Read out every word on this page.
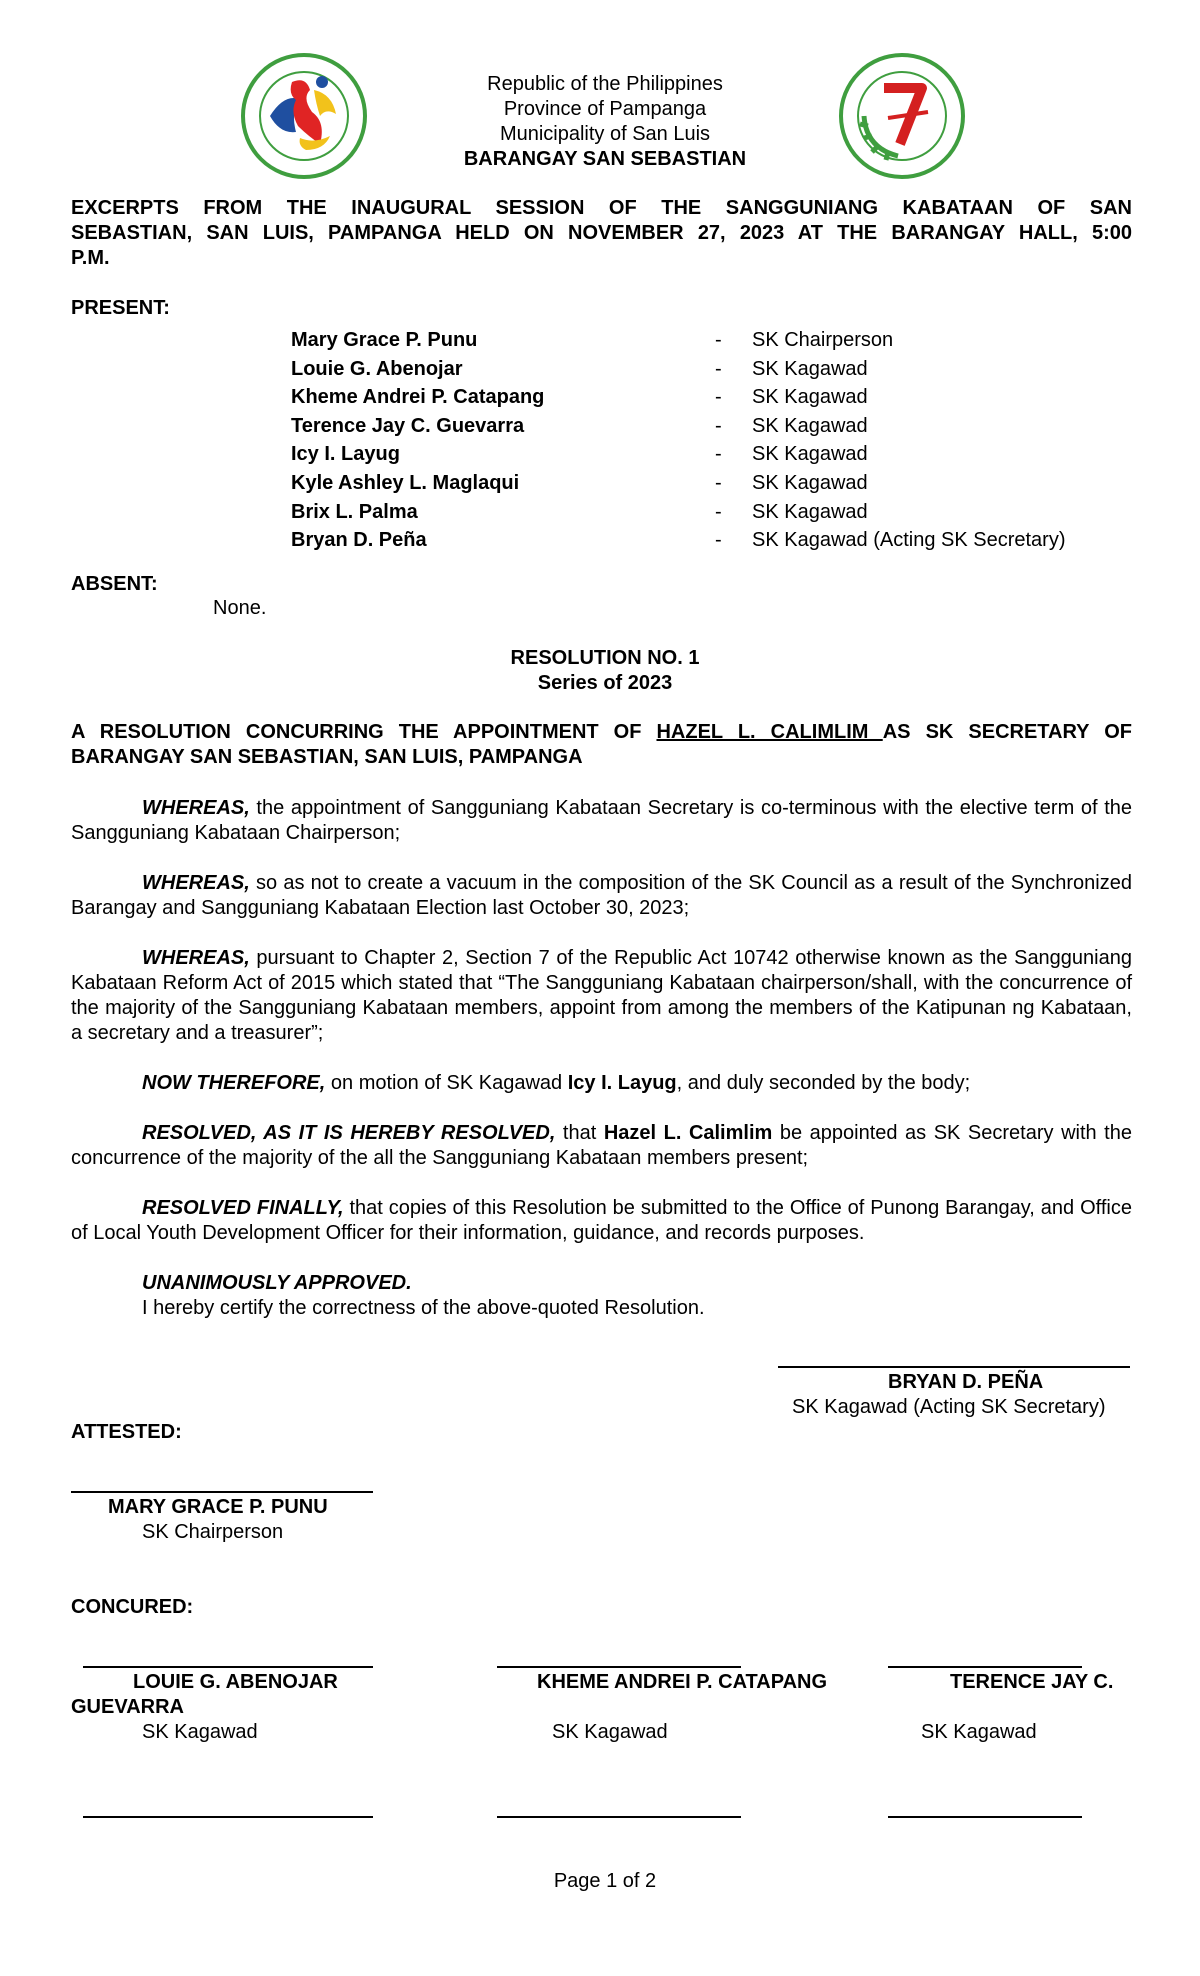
Republic of the Philippines
Province of Pampanga
Municipality of San Luis
BARANGAY SAN SEBASTIAN
EXCERPTS FROM THE INAUGURAL SESSION OF THE SANGGUNIANG KABATAAN OF SAN
SEBASTIAN, SAN LUIS, PAMPANGA HELD ON NOVEMBER 27, 2023 AT THE BARANGAY HALL, 5:00
P.M.
PRESENT:
Mary Grace P. Punu	- SK Chairperson
Louie G. Abenojar	- SK Kagawad
Kheme Andrei P. Catapang	- SK Kagawad
Terence Jay C. Guevarra	- SK Kagawad
Icy I. Layug	- SK Kagawad
Kyle Ashley L. Maglaqui	- SK Kagawad
Brix L. Palma	- SK Kagawad
Bryan D. Peña	- SK Kagawad (Acting SK Secretary)
ABSENT:
None.
RESOLUTION NO. 1
Series of 2023
A RESOLUTION CONCURRING THE APPOINTMENT OF HAZEL L. CALIMLIM AS SK SECRETARY OF
BARANGAY SAN SEBASTIAN, SAN LUIS, PAMPANGA
WHEREAS, the appointment of Sangguniang Kabataan Secretary is co-terminous with the elective term of the Sangguniang Kabataan Chairperson;
WHEREAS, so as not to create a vacuum in the composition of the SK Council as a result of the Synchronized Barangay and Sangguniang Kabataan Election last October 30, 2023;
WHEREAS, pursuant to Chapter 2, Section 7 of the Republic Act 10742 otherwise known as the Sangguniang Kabataan Reform Act of 2015 which stated that “The Sangguniang Kabataan chairperson/shall, with the concurrence of the majority of the Sangguniang Kabataan members, appoint from among the members of the Katipunan ng Kabataan, a secretary and a treasurer”;
NOW THEREFORE, on motion of SK Kagawad Icy I. Layug, and duly seconded by the body;
RESOLVED, AS IT IS HEREBY RESOLVED, that Hazel L. Calimlim be appointed as SK Secretary with the concurrence of the majority of the all the Sangguniang Kabataan members present;
RESOLVED FINALLY, that copies of this Resolution be submitted to the Office of Punong Barangay, and Office of Local Youth Development Officer for their information, guidance, and records purposes.
UNANIMOUSLY APPROVED.
I hereby certify the correctness of the above-quoted Resolution.
BRYAN D. PEÑA
SK Kagawad (Acting SK Secretary)
ATTESTED:
MARY GRACE P. PUNU
SK Chairperson
CONCURED:
LOUIE G. ABENOJAR	KHEME ANDREI P. CATAPANG	TERENCE JAY C.
GUEVARRA
SK Kagawad	SK Kagawad	SK Kagawad
Page 1 of 2
